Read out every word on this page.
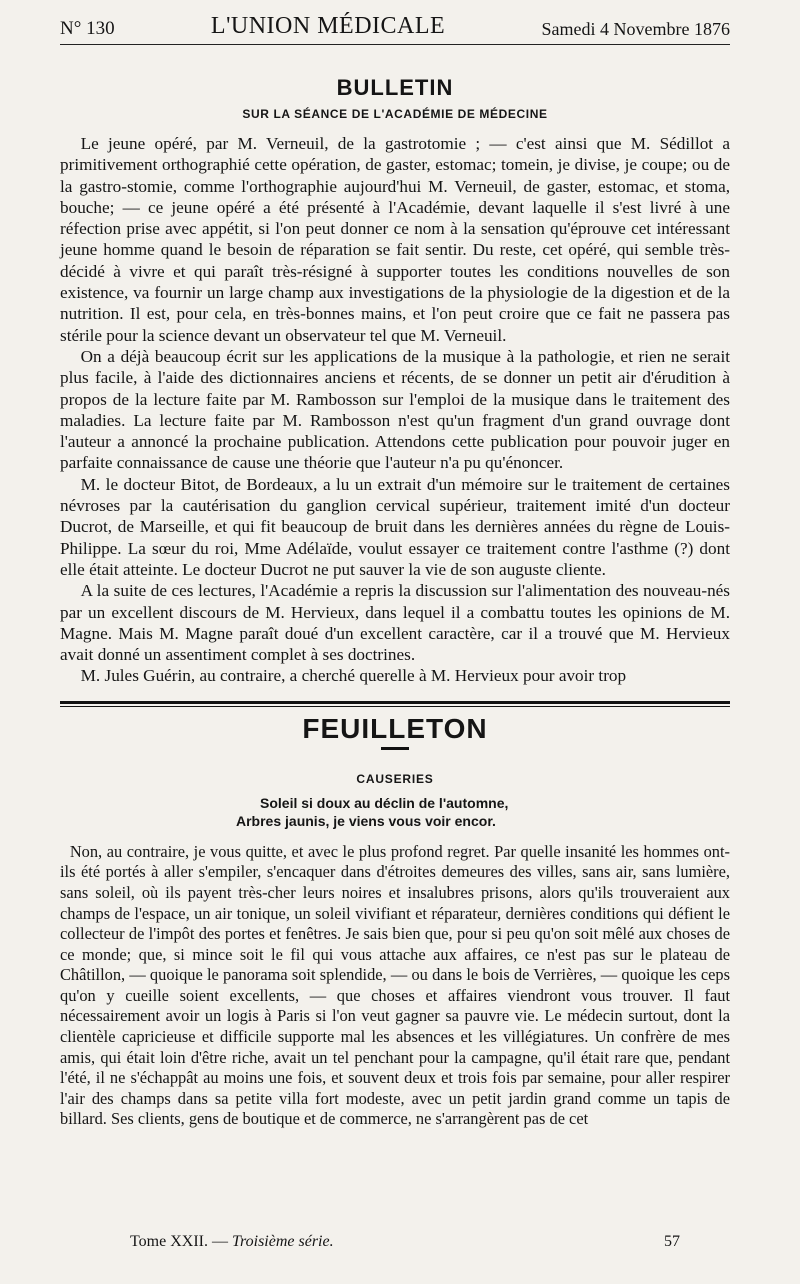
N° 130	L'UNION MÉDICALE	Samedi 4 Novembre 1876
BULLETIN
SUR LA SÉANCE DE L'ACADÉMIE DE MÉDECINE

Le jeune opéré, par M. Verneuil, de la gastrotomie ; — c'est ainsi que M. Sédillot a primitivement orthographié cette opération, de gaster, estomac; tomein, je divise, je coupe; ou de la gastro-stomie, comme l'orthographie aujourd'hui M. Verneuil, de gaster, estomac, et stoma, bouche; — ce jeune opéré a été présenté à l'Académie, devant laquelle il s'est livré à une réfection prise avec appétit, si l'on peut donner ce nom à la sensation qu'éprouve cet intéressant jeune homme quand le besoin de réparation se fait sentir. Du reste, cet opéré, qui semble très-décidé à vivre et qui paraît très-résigné à supporter toutes les conditions nouvelles de son existence, va fournir un large champ aux investigations de la physiologie de la digestion et de la nutrition. Il est, pour cela, en très-bonnes mains, et l'on peut croire que ce fait ne passera pas stérile pour la science devant un observateur tel que M. Verneuil.

On a déjà beaucoup écrit sur les applications de la musique à la pathologie, et rien ne serait plus facile, à l'aide des dictionnaires anciens et récents, de se donner un petit air d'érudition à propos de la lecture faite par M. Rambosson sur l'emploi de la musique dans le traitement des maladies. La lecture faite par M. Rambosson n'est qu'un fragment d'un grand ouvrage dont l'auteur a annoncé la prochaine publication. Attendons cette publication pour pouvoir juger en parfaite connaissance de cause une théorie que l'auteur n'a pu qu'énoncer.

M. le docteur Bitot, de Bordeaux, a lu un extrait d'un mémoire sur le traitement de certaines névroses par la cautérisation du ganglion cervical supérieur, traitement imité d'un docteur Ducrot, de Marseille, et qui fit beaucoup de bruit dans les dernières années du règne de Louis-Philippe. La sœur du roi, Mme Adélaïde, voulut essayer ce traitement contre l'asthme (?) dont elle était atteinte. Le docteur Ducrot ne put sauver la vie de son auguste cliente.

A la suite de ces lectures, l'Académie a repris la discussion sur l'alimentation des nouveau-nés par un excellent discours de M. Hervieux, dans lequel il a combattu toutes les opinions de M. Magne. Mais M. Magne paraît doué d'un excellent caractère, car il a trouvé que M. Hervieux avait donné un assentiment complet à ses doctrines.

M. Jules Guérin, au contraire, a cherché querelle à M. Hervieux pour avoir trop

FEUILLETON
CAUSERIES
Soleil si doux au déclin de l'automne,
Arbres jaunis, je viens vous voir encor.

Non, au contraire, je vous quitte, et avec le plus profond regret. Par quelle insanité les hommes ont-ils été portés à aller s'empiler, s'encaquer dans d'étroites demeures des villes, sans air, sans lumière, sans soleil, où ils payent très-cher leurs noires et insalubres prisons, alors qu'ils trouveraient aux champs de l'espace, un air tonique, un soleil vivifiant et réparateur, dernières conditions qui défient le collecteur de l'impôt des portes et fenêtres. Je sais bien que, pour si peu qu'on soit mêlé aux choses de ce monde; que, si mince soit le fil qui vous attache aux affaires, ce n'est pas sur le plateau de Châtillon, — quoique le panorama soit splendide, — ou dans le bois de Verrières, — quoique les ceps qu'on y cueille soient excellents, — que choses et affaires viendront vous trouver. Il faut nécessairement avoir un logis à Paris si l'on veut gagner sa pauvre vie. Le médecin surtout, dont la clientèle capricieuse et difficile supporte mal les absences et les villégiatures. Un confrère de mes amis, qui était loin d'être riche, avait un tel penchant pour la campagne, qu'il était rare que, pendant l'été, il ne s'échappât au moins une fois, et souvent deux et trois fois par semaine, pour aller respirer l'air des champs dans sa petite villa fort modeste, avec un petit jardin grand comme un tapis de billard. Ses clients, gens de boutique et de commerce, ne s'arrangèrent pas de cet

Tome XXII. — Troisième série.	57
